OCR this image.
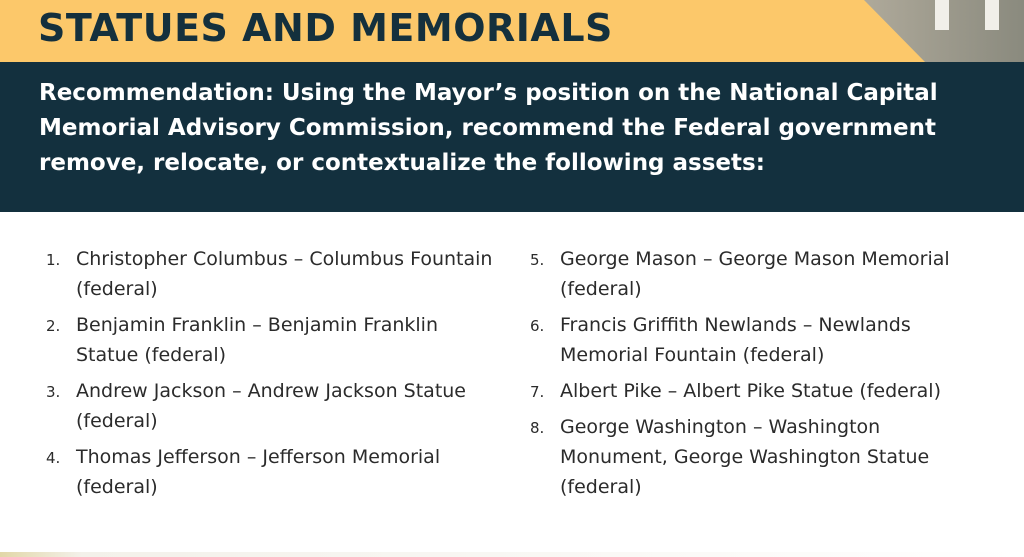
STATUES AND MEMORIALS

Recommendation: Using the Mayor’s position on the National Capital Memorial Advisory Commission, recommend the Federal government remove, relocate, or contextualize the following assets:

1. Christopher Columbus – Columbus Fountain (federal)
2. Benjamin Franklin – Benjamin Franklin Statue (federal)
3. Andrew Jackson – Andrew Jackson Statue (federal)
4. Thomas Jefferson – Jefferson Memorial (federal)
5. George Mason – George Mason Memorial (federal)
6. Francis Griffith Newlands – Newlands Memorial Fountain (federal)
7. Albert Pike – Albert Pike Statue (federal)
8. George Washington – Washington Monument, George Washington Statue (federal)
